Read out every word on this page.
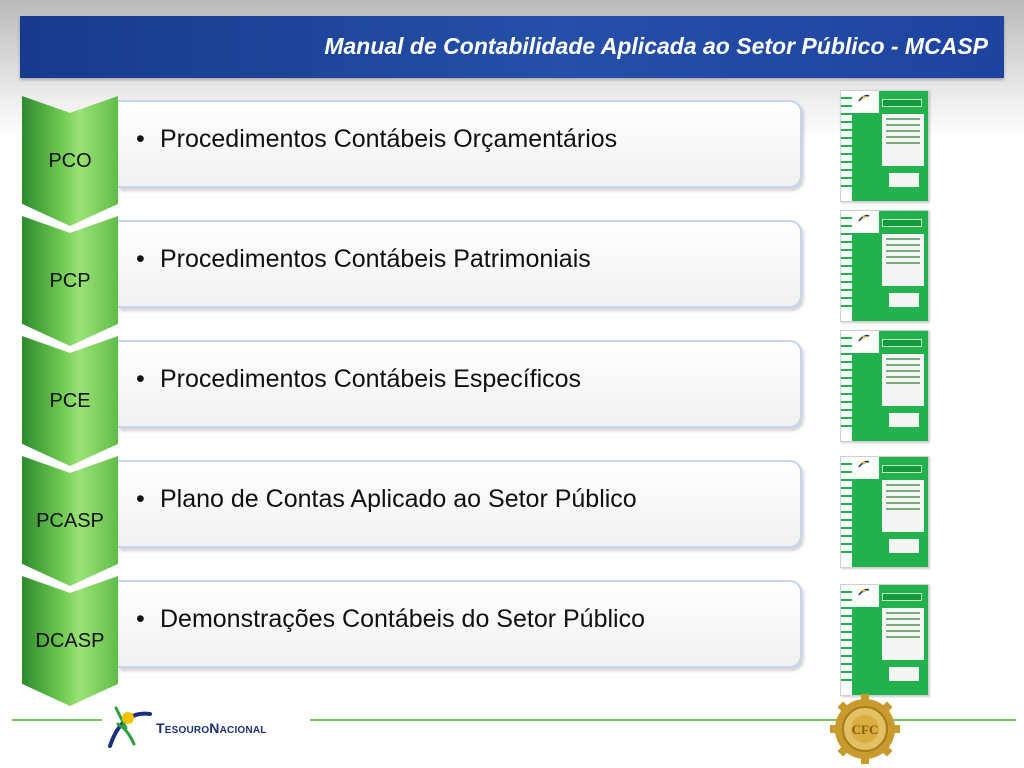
Manual de Contabilidade Aplicada ao Setor Público - MCASP
PCO
• Procedimentos Contábeis Orçamentários
PCP
• Procedimentos Contábeis Patrimoniais
PCE
• Procedimentos Contábeis Específicos
PCASP
• Plano de Contas Aplicado ao Setor Público
DCASP
• Demonstrações Contábeis do Setor Público
TesouroNacional	CFC
